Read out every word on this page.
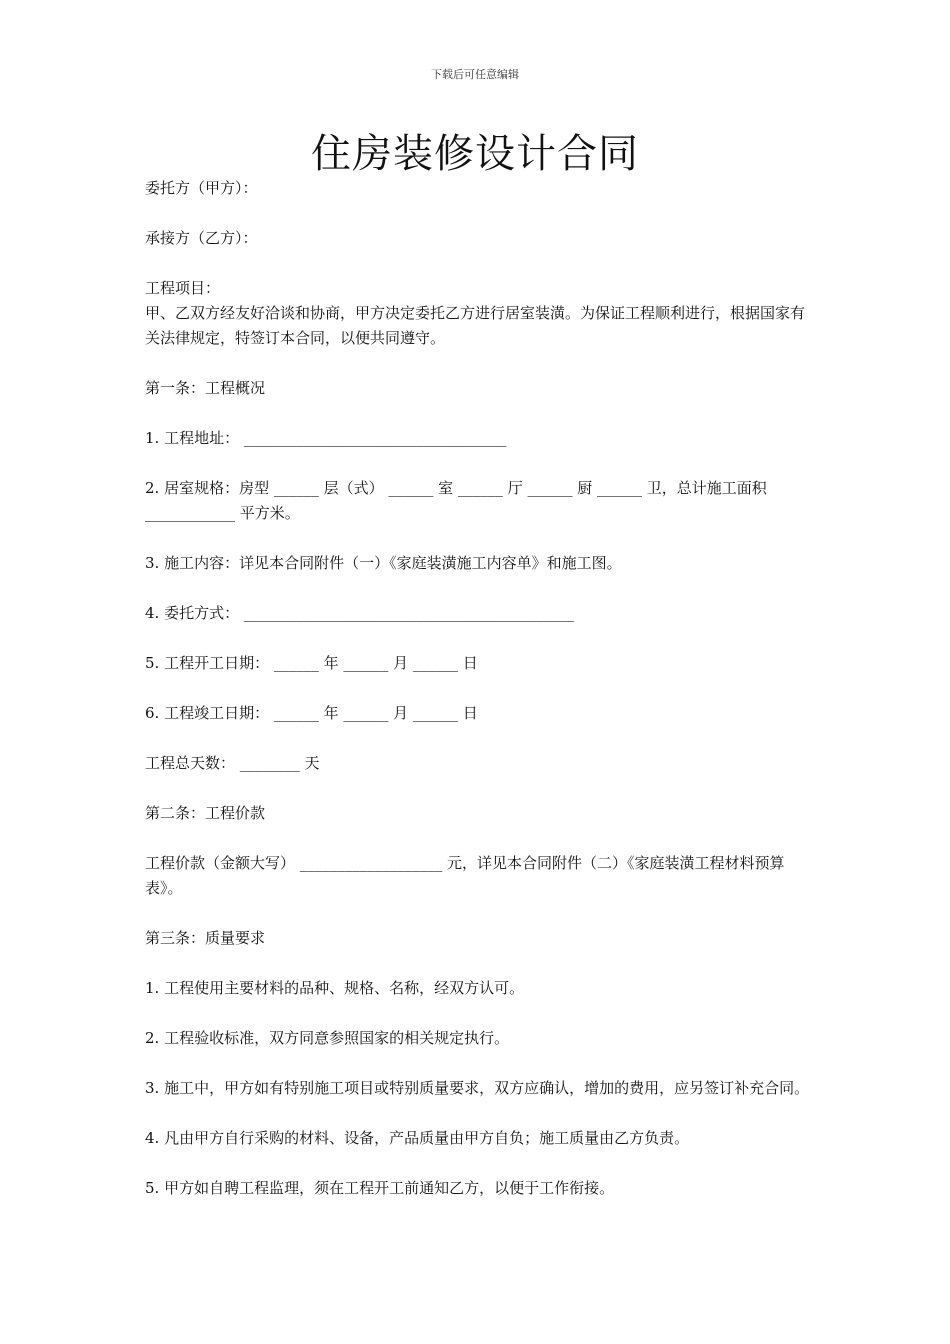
下载后可任意编辑
住房装修设计合同

委托方（甲方）：

承接方（乙方）：

工程项目：

甲、乙双方经友好洽谈和协商，甲方决定委托乙方进行居室装潢。为保证工程顺利进行，根据国家有关法律规定，特签订本合同，以便共同遵守。

第一条：工程概况

1. 工程地址： ___________________________________

2. 居室规格：房型 ______ 层（式） ______ 室 ______ 厅 ______ 厨 ______ 卫，总计施工面积 ____________ 平方米。

3. 施工内容：详见本合同附件（一）《家庭装潢施工内容单》和施工图。

4. 委托方式： ____________________________________________

5. 工程开工日期： ______ 年 ______ 月 ______ 日

6. 工程竣工日期： ______ 年 ______ 月 ______ 日

工程总天数： ________ 天

第二条：工程价款

工程价款（金额大写） ___________________ 元，详见本合同附件（二）《家庭装潢工程材料预算表》。

第三条：质量要求

1. 工程使用主要材料的品种、规格、名称，经双方认可。

2. 工程验收标准，双方同意参照国家的相关规定执行。

3. 施工中，甲方如有特别施工项目或特别质量要求，双方应确认，增加的费用，应另签订补充合同。

4. 凡由甲方自行采购的材料、设备，产品质量由甲方自负；施工质量由乙方负责。

5. 甲方如自聘工程监理，须在工程开工前通知乙方，以便于工作衔接。
